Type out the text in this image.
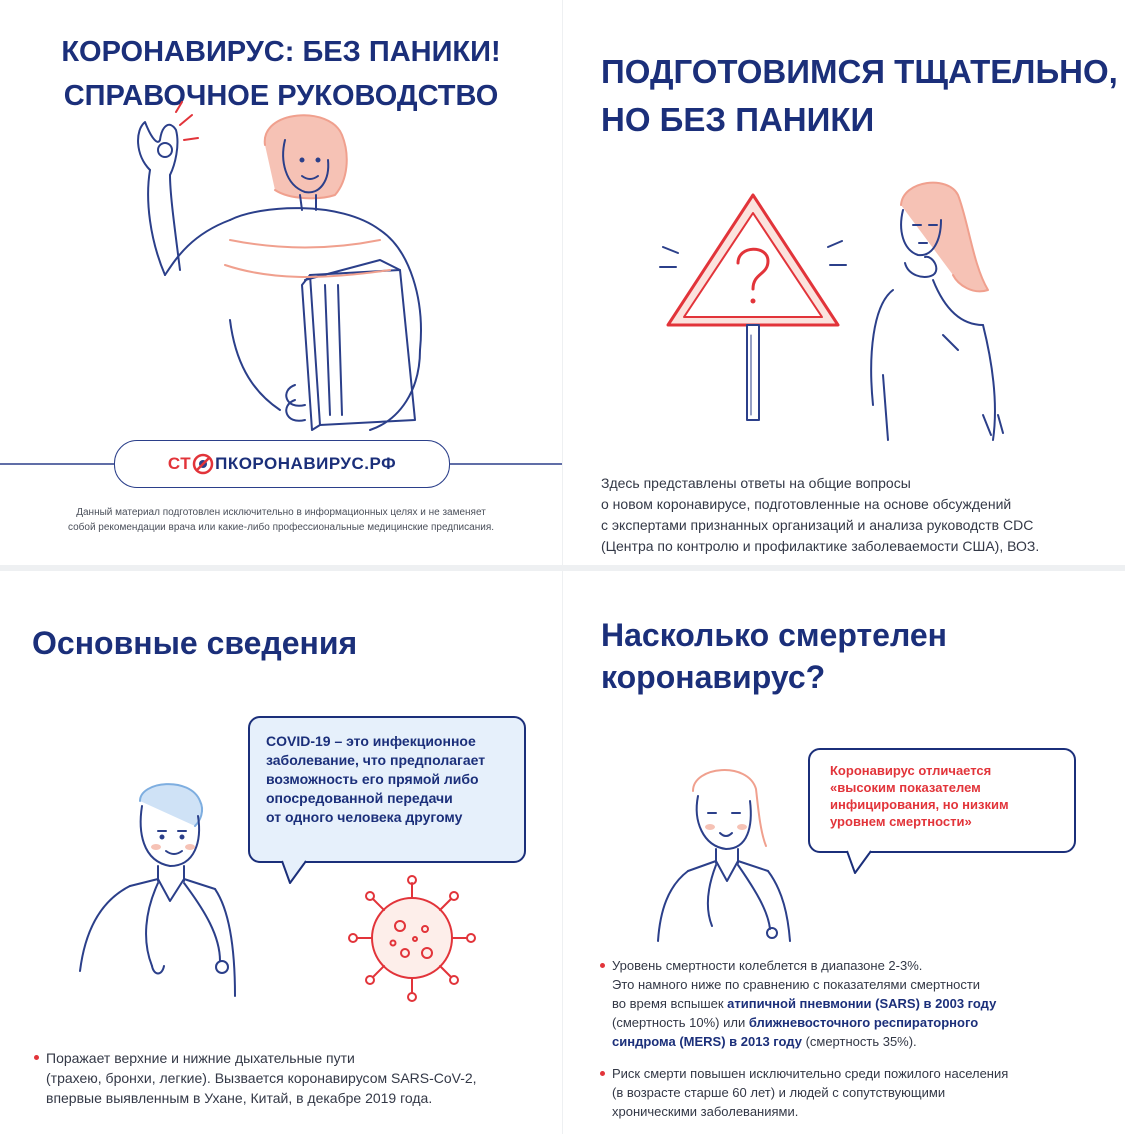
КОРОНАВИРУС: БЕЗ ПАНИКИ!
СПРАВОЧНОЕ РУКОВОДСТВО
СТ ПКОРОНАВИРУС.РФ
Данный материал подготовлен исключительно в информационных целях и не заменяет
собой рекомендации врача или какие-либо профессиональные медицинские предписания.
ПОДГОТОВИМСЯ ТЩАТЕЛЬНО,
НО БЕЗ ПАНИКИ
Здесь представлены ответы на общие вопросы
о новом коронавирусе, подготовленные на основе обсуждений
с экспертами признанных организаций и анализа руководств CDC
(Центра по контролю и профилактике заболеваемости США), ВОЗ.
Основные сведения

COVID-19 – это инфекционное

заболевание, что предполагает

возможность его прямой либо

опосредованной передачи

от одного человека другому

Поражает верхние и нижние дыхательные пути
(трахею, бронхи, легкие). Вызвается коронавирусом SARS-CoV-2,
впервые выявленным в Ухане, Китай, в декабре 2019 года.
Насколько смертелен
коронавирус?

Коронавирус отличается

«высоким показателем

инфицирования, но низким

уровнем смертности»

Уровень смертности колеблется в диапазоне 2-3%.
Это намного ниже по сравнению с показателями смертности
во время вспышек атипичной пневмонии (SARS) в 2003 году
(смертность 10%) или ближневосточного респираторного
синдрома (MERS) в 2013 году (смертность 35%).
Риск смерти повышен исключительно среди пожилого населения
(в возрасте старше 60 лет) и людей с сопутствующими
хроническими заболеваниями.
